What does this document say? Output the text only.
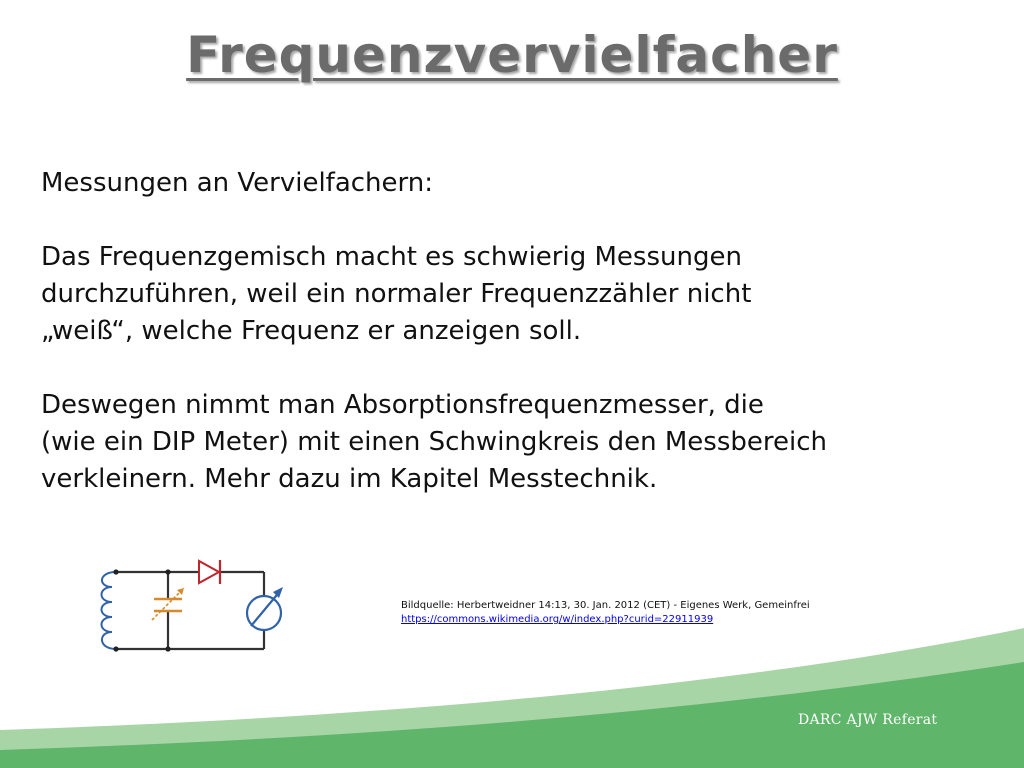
Frequenzvervielfacher

Messungen an Vervielfachern:

Das Frequenzgemisch macht es schwierig Messungen

durchzuführen, weil ein normaler Frequenzzähler nicht

„weiß“, welche Frequenz er anzeigen soll.

Deswegen nimmt man Absorptionsfrequenzmesser, die

(wie ein DIP Meter) mit einen Schwingkreis den Messbereich

verkleinern. Mehr dazu im Kapitel Messtechnik.

Bildquelle: Herbertweidner 14:13, 30. Jan. 2012 (CET) - Eigenes Werk, Gemeinfrei
https://commons.wikimedia.org/w/index.php?curid=22911939
DARC AJW Referat
